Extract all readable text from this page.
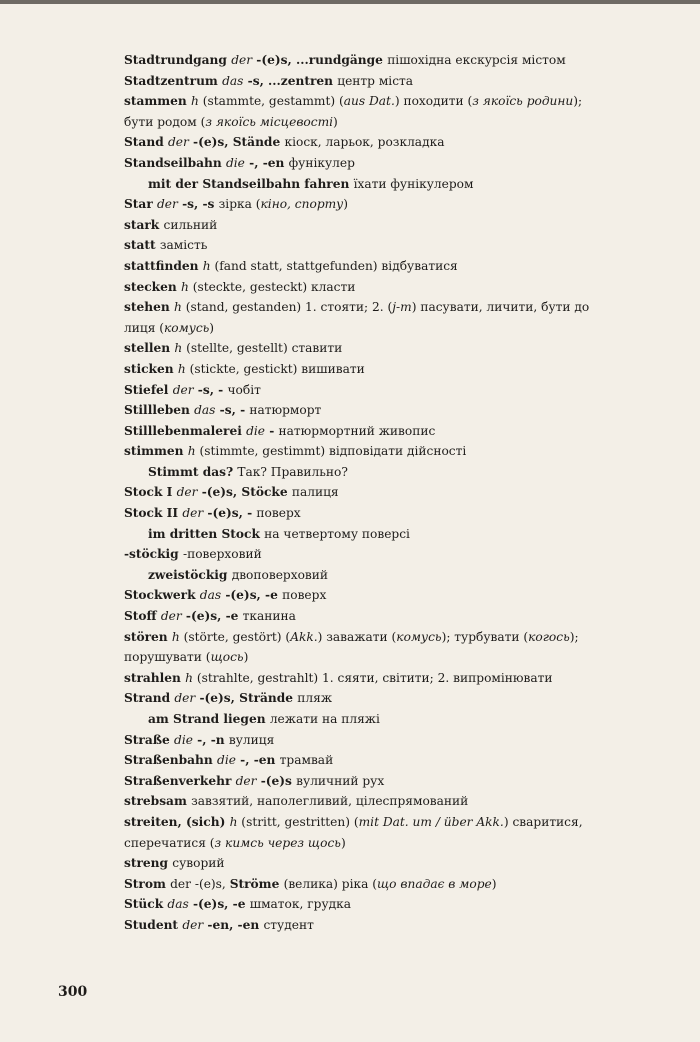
Stadtrundgang der -(e)s, ...rundgänge пішохідна екскурсія містом

Stadtzentrum das -s, ...zentren центр міста

stammen h (stammte, gestammt) (aus Dat.) походити (з якоїсь родини); бути родом (з якоїсь місцевості)

Stand der -(e)s, Stände кіоск, ларьок, розкладка

Standseilbahn die -, -en фунікулер

mit der Standseilbahn fahren їхати фунікулером

Star der -s, -s зірка (кіно, спорту)

stark сильний

statt замість

stattfinden h (fand statt, stattgefunden) відбуватися

stecken h (steckte, gesteckt) класти

stehen h (stand, gestanden) 1. стояти; 2. (j-m) пасувати, личити, бути до лиця (комусь)

stellen h (stellte, gestellt) ставити

sticken h (stickte, gestickt) вишивати

Stiefel der -s, - чобіт

Stillleben das -s, - натюрморт

Stilllebenmalerei die - натюрмортний живопис

stimmen h (stimmte, gestimmt) відповідати дійсності

Stimmt das? Так? Правильно?

Stock I der -(e)s, Stöcke палиця

Stock II der -(e)s, - поверх

im dritten Stock на четвертому поверсі

-stöckig -поверховий

zweistöckig двоповерховий

Stockwerk das -(e)s, -e поверх

Stoff der -(e)s, -e тканина

stören h (störte, gestört) (Akk.) заважати (комусь); турбувати (когось); порушувати (щось)

strahlen h (strahlte, gestrahlt) 1. сяяти, світити; 2. випромінювати

Strand der -(e)s, Strände пляж

am Strand liegen лежати на пляжі

Straße die -, -n вулиця

Straßenbahn die -, -en трамвай

Straßenverkehr der -(e)s вуличний рух

strebsam завзятий, наполегливий, цілеспрямований

streiten, (sich) h (stritt, gestritten) (mit Dat. um / über Akk.) сваритися, сперечатися (з кимсь через щось)

streng суворий

Strom der -(e)s, Ströme (велика) ріка (що впадає в море)

Stück das -(e)s, -e шматок, грудка

Student der -en, -en студент

300
